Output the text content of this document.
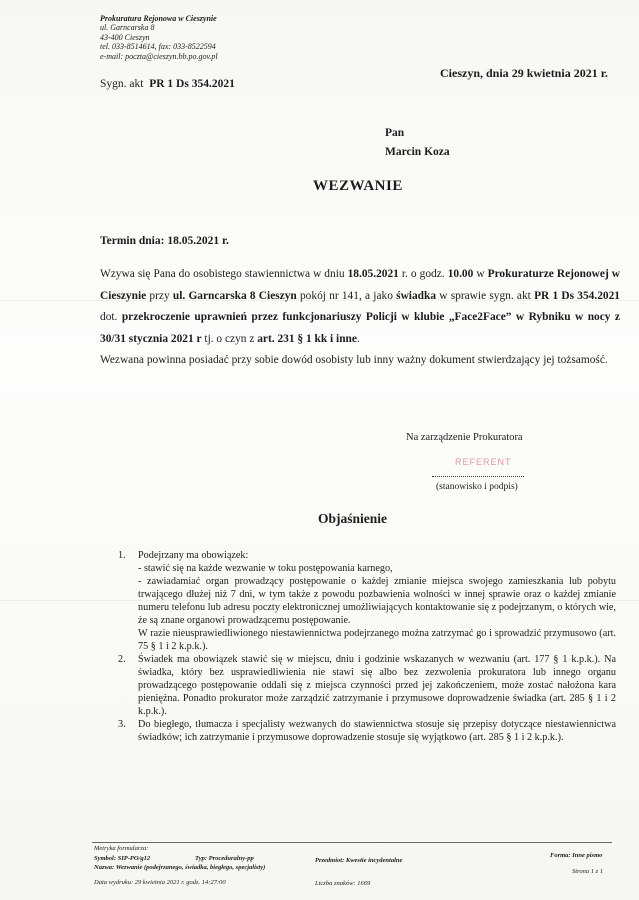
Prokuratura Rejonowa w Cieszynie
ul. Garncarska 8
43-400 Cieszyn
tel. 033-8514614, fax: 033-8522594
e-mail: poczta@cieszyn.bb.po.gov.pl
Sygn. akt PR 1 Ds 354.2021
Cieszyn, dnia 29 kwietnia 2021 r.
Pan
Marcin Koza
WEZWANIE
Termin dnia: 18.05.2021 r.
Wzywa się Pana do osobistego stawiennictwa w dniu 18.05.2021 r. o godz. 10.00 w Prokuraturze Rejonowej w Cieszynie przy ul. Garncarska 8 Cieszyn pokój nr 141, a jako świadka w sprawie sygn. akt PR 1 Ds 354.2021 dot. przekroczenie uprawnień przez funkcjonariuszy Policji w klubie „Face2Face” w Rybniku w nocy z 30/31 stycznia 2021 r tj. o czyn z art. 231 § 1 kk i inne.
Wezwana powinna posiadać przy sobie dowód osobisty lub inny ważny dokument stwierdzający jej tożsamość.
Na zarządzenie Prokuratora
REFERENT
(stanowisko i podpis)
Objaśnienie
1. Podejrzany ma obowiązek:
- stawić się na każde wezwanie w toku postępowania karnego,
- zawiadamiać organ prowadzący postępowanie o każdej zmianie miejsca swojego zamieszkania lub pobytu trwającego dłużej niż 7 dni, w tym także z powodu pozbawienia wolności w innej sprawie oraz o każdej zmianie numeru telefonu lub adresu poczty elektronicznej umożliwiających kontaktowanie się z podejrzanym, o których wie, że są znane organowi prowadzącemu postępowanie.
W razie nieusprawiedliwionego niestawiennictwa podejrzanego można zatrzymać go i sprowadzić przymusowo (art. 75 § 1 i 2 k.p.k.).
2. Świadek ma obowiązek stawić się w miejscu, dniu i godzinie wskazanych w wezwaniu (art. 177 § 1 k.p.k.). Na świadka, który bez usprawiedliwienia nie stawi się albo bez zezwolenia prokuratora lub innego organu prowadzącego postępowanie oddali się z miejsca czynności przed jej zakończeniem, może zostać nałożona kara pieniężna. Ponadto prokurator może zarządzić zatrzymanie i przymusowe doprowadzenie świadka (art. 285 § 1 i 2 k.p.k.).
3. Do biegłego, tłumacza i specjalisty wezwanych do stawiennictwa stosuje się przepisy dotyczące niestawiennictwa świadków; ich zatrzymanie i przymusowe doprowadzenie stosuje się wyjątkowo (art. 285 § 1 i 2 k.p.k.).
Metryka formularza:
Symbol: SIP-PO/g12	Typ: Proceduralny-pp
Nazwa: Wezwanie (podejrzanego, świadka, biegłego, specjalisty)
Przedmiot: Kwestie incydentalne
Forma: Inne pismo
Data wydruku: 29 kwietnia 2021 r. godz. 14:27:00	Liczba znaków: 1669
Strona 1 z 1
